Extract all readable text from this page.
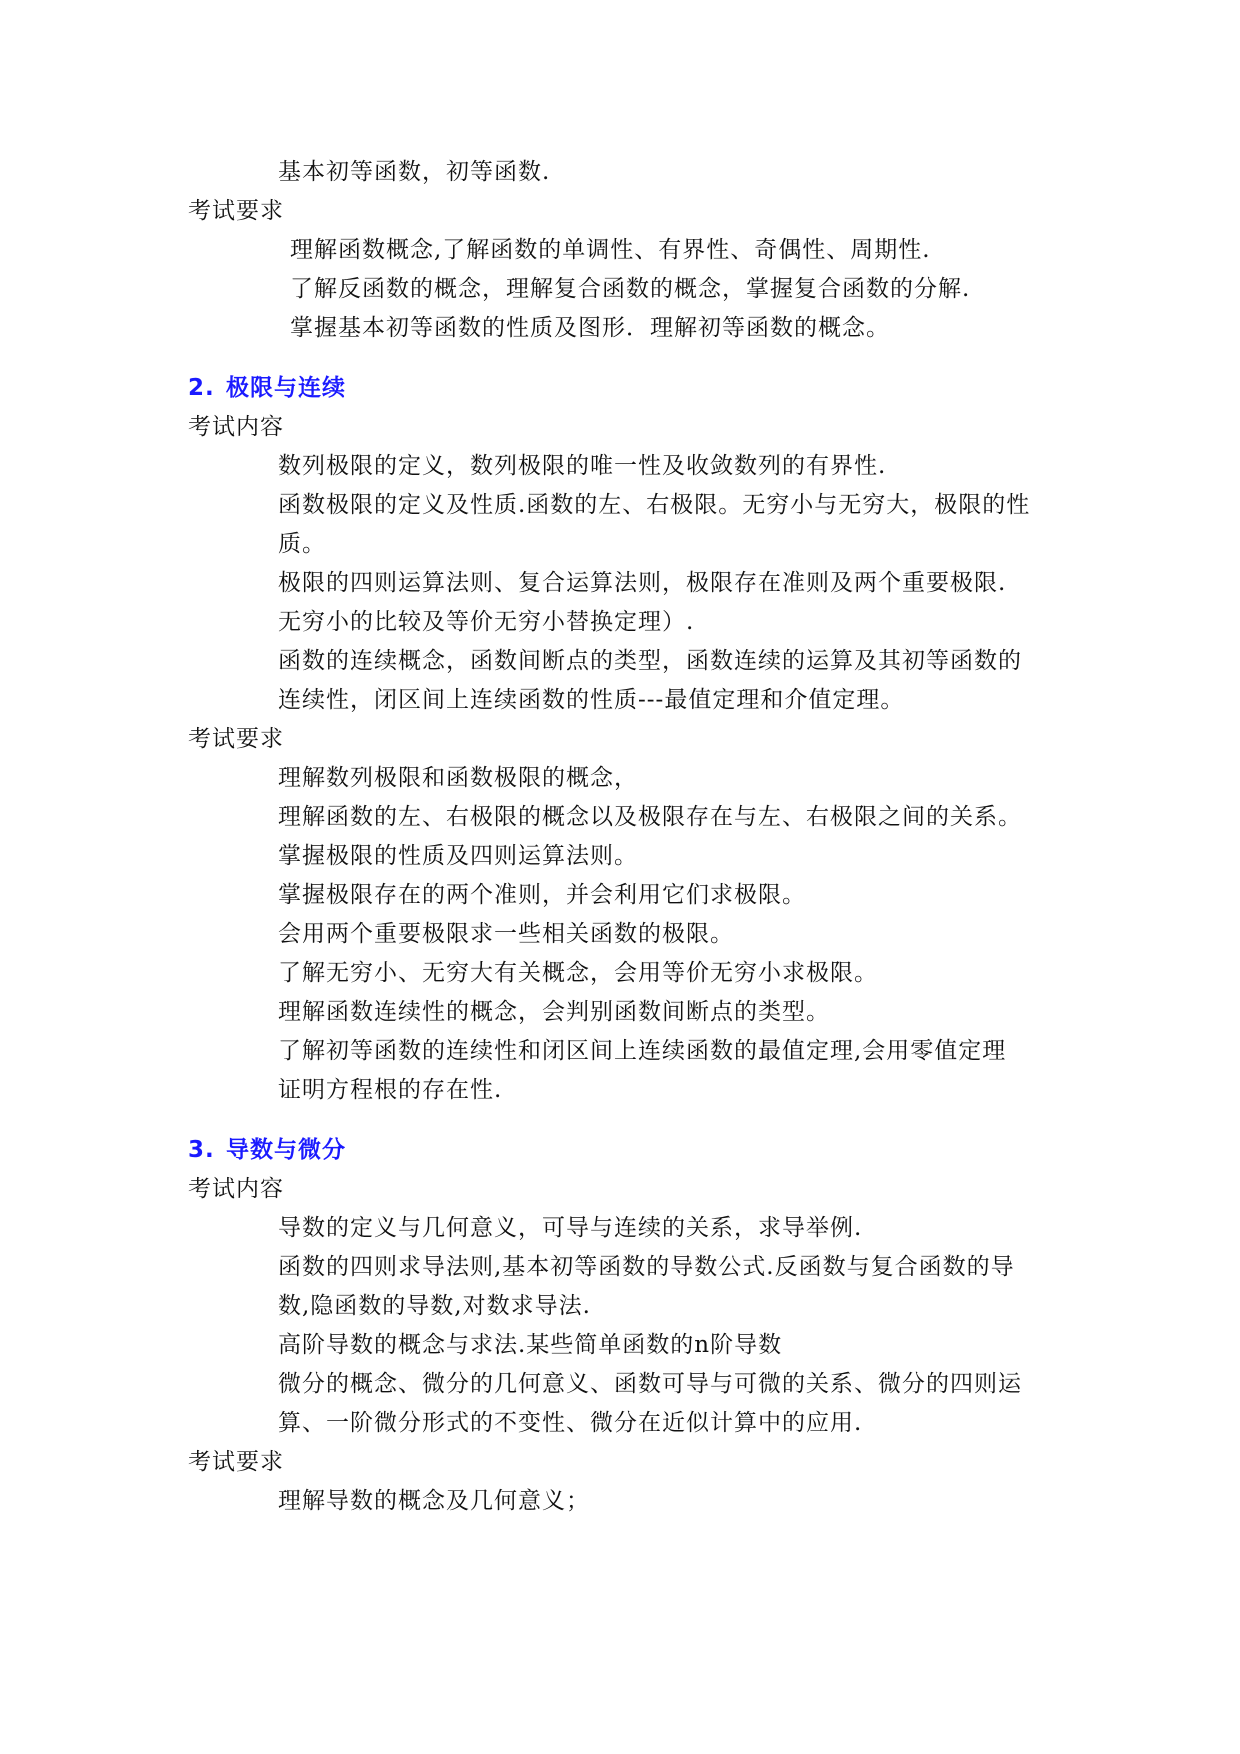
基本初等函数，初等函数.
考试要求
理解函数概念,了解函数的单调性、有界性、奇偶性、周期性.
了解反函数的概念，理解复合函数的概念，掌握复合函数的分解.
掌握基本初等函数的性质及图形．理解初等函数的概念。
2. 极限与连续
考试内容
数列极限的定义，数列极限的唯一性及收敛数列的有界性.
函数极限的定义及性质.函数的左、右极限。无穷小与无穷大，极限的性
质。
极限的四则运算法则、复合运算法则，极限存在准则及两个重要极限.
无穷小的比较及等价无穷小替换定理）.
函数的连续概念，函数间断点的类型，函数连续的运算及其初等函数的
连续性，闭区间上连续函数的性质---最值定理和介值定理。
考试要求
理解数列极限和函数极限的概念，
理解函数的左、右极限的概念以及极限存在与左、右极限之间的关系。
掌握极限的性质及四则运算法则。
掌握极限存在的两个准则，并会利用它们求极限。
会用两个重要极限求一些相关函数的极限。
了解无穷小、无穷大有关概念，会用等价无穷小求极限。
理解函数连续性的概念，会判别函数间断点的类型。
了解初等函数的连续性和闭区间上连续函数的最值定理,会用零值定理
证明方程根的存在性.
3. 导数与微分
考试内容
导数的定义与几何意义，可导与连续的关系，求导举例.
函数的四则求导法则,基本初等函数的导数公式.反函数与复合函数的导
数,隐函数的导数,对数求导法.
高阶导数的概念与求法.某些简单函数的n阶导数
微分的概念、微分的几何意义、函数可导与可微的关系、微分的四则运
算、一阶微分形式的不变性、微分在近似计算中的应用.
考试要求
理解导数的概念及几何意义；
